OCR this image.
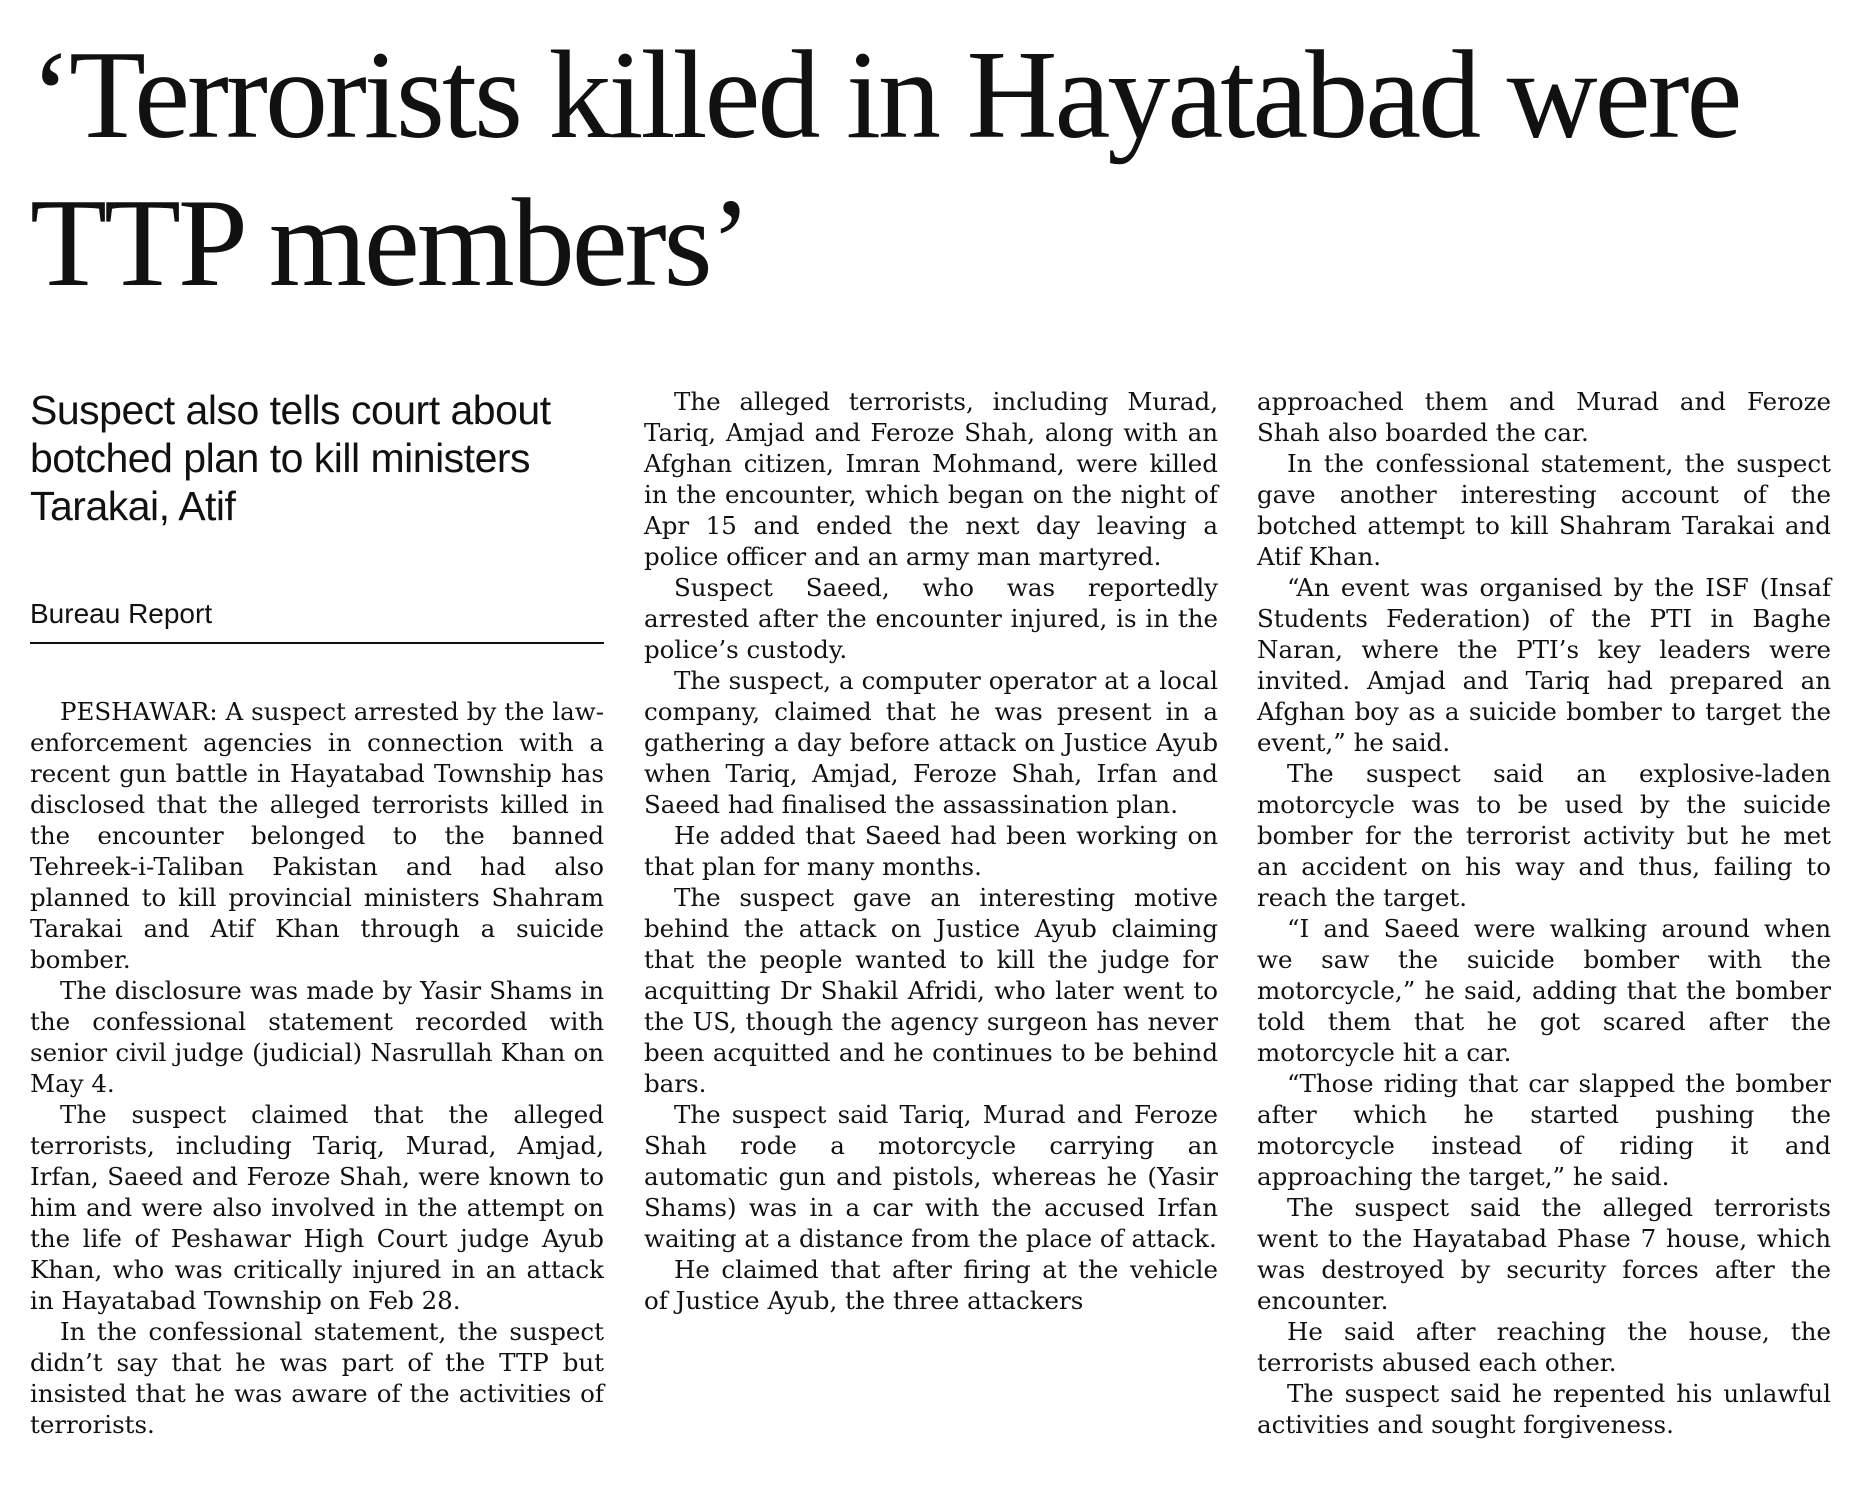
‘Terrorists killed in Hayatabad were TTP members’
Suspect also tells court about botched plan to kill ministers Tarakai, Atif
Bureau Report

PESHAWAR: A suspect arrested by the law-enforcement agencies in connection with a recent gun battle in Hayatabad Township has disclosed that the alleged terrorists killed in the encounter belonged to the banned Tehreek-i-Taliban Pakistan and had also planned to kill provincial ministers Shahram Tarakai and Atif Khan through a suicide bomber.

The disclosure was made by Yasir Shams in the confessional statement recorded with senior civil judge (judicial) Nasrullah Khan on May 4.

The suspect claimed that the alleged terrorists, including Tariq, Murad, Amjad, Irfan, Saeed and Feroze Shah, were known to him and were also involved in the attempt on the life of Peshawar High Court judge Ayub Khan, who was critically injured in an attack in Hayatabad Township on Feb 28.

In the confessional statement, the suspect didn’t say that he was part of the TTP but insisted that he was aware of the activities of terrorists.

The alleged terrorists, including Murad, Tariq, Amjad and Feroze Shah, along with an Afghan citizen, Imran Mohmand, were killed in the encounter, which began on the night of Apr 15 and ended the next day leaving a police officer and an army man martyred.

Suspect Saeed, who was reportedly arrested after the encounter injured, is in the police’s custody.

The suspect, a computer operator at a local company, claimed that he was present in a gathering a day before attack on Justice Ayub when Tariq, Amjad, Feroze Shah, Irfan and Saeed had finalised the assassination plan.

He added that Saeed had been working on that plan for many months.

The suspect gave an interesting motive behind the attack on Justice Ayub claiming that the people wanted to kill the judge for acquitting Dr Shakil Afridi, who later went to the US, though the agency surgeon has never been acquitted and he continues to be behind bars.

The suspect said Tariq, Murad and Feroze Shah rode a motorcycle carrying an automatic gun and pistols, whereas he (Yasir Shams) was in a car with the accused Irfan waiting at a distance from the place of attack.

He claimed that after firing at the vehicle of Justice Ayub, the three attackers

approached them and Murad and Feroze Shah also boarded the car.

In the confessional statement, the suspect gave another interesting account of the botched attempt to kill Shahram Tarakai and Atif Khan.

“An event was organised by the ISF (Insaf Students Federation) of the PTI in Baghe Naran, where the PTI’s key leaders were invited. Amjad and Tariq had prepared an Afghan boy as a suicide bomber to target the event,” he said.

The suspect said an explosive-laden motorcycle was to be used by the suicide bomber for the terrorist activity but he met an accident on his way and thus, failing to reach the target.

“I and Saeed were walking around when we saw the suicide bomber with the motorcycle,” he said, adding that the bomber told them that he got scared after the motorcycle hit a car.

“Those riding that car slapped the bomber after which he started pushing the motorcycle instead of riding it and approaching the target,” he said.

The suspect said the alleged terrorists went to the Hayatabad Phase 7 house, which was destroyed by security forces after the encounter.

He said after reaching the house, the terrorists abused each other.

The suspect said he repented his unlawful activities and sought forgiveness.
